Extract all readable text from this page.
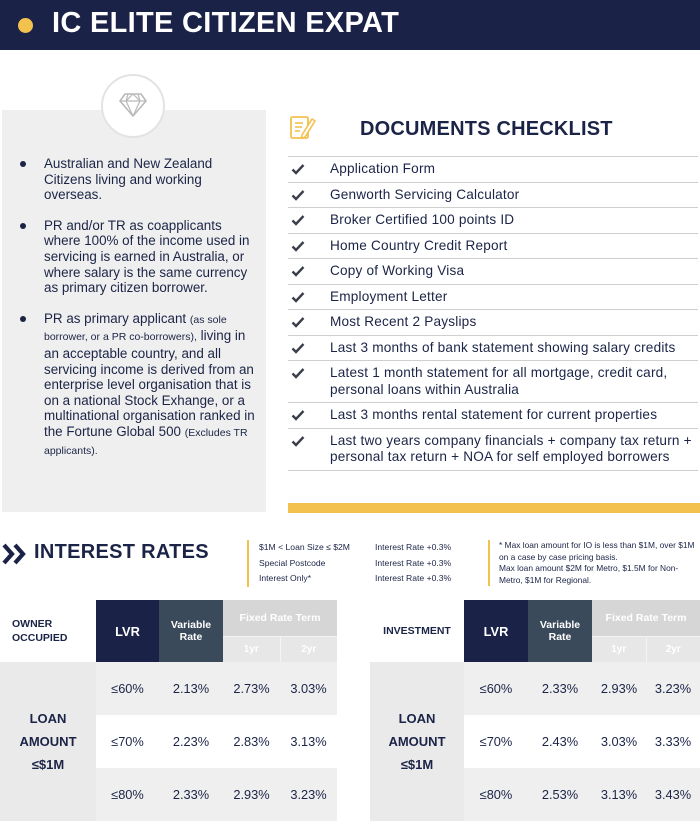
IC ELITE CITIZEN EXPAT
Australian and New Zealand Citizens living and working overseas.
PR and/or TR as coapplicants where 100% of the income used in servicing is earned in Australia, or where salary is the same currency as primary citizen borrower.
PR as primary applicant (as sole borrower, or a PR co-borrowers), living in an acceptable country, and all servicing income is derived from an enterprise level organisation that is on a national Stock Exhange, or a multinational organisation ranked in the Fortune Global 500 (Excludes TR applicants).
DOCUMENTS CHECKLIST
Application Form
Genworth Servicing Calculator
Broker Certified 100 points ID
Home Country Credit Report
Copy of Working Visa
Employment Letter
Most Recent 2 Payslips
Last 3 months of bank statement showing salary credits
Latest 1 month statement for all mortgage, credit card, personal loans within Australia
Last 3 months rental statement for current properties
Last two years company financials + company tax return + personal tax return + NOA for self employed borrowers
INTEREST RATES	$1M < Loan Size ≤ $2M	Interest Rate +0.3%
Special Postcode	Interest Rate +0.3%
Interest Only*	Interest Rate +0.3%
* Max loan amount for IO is less than $1M, over $1M on a case by case pricing basis.
Max loan amount $2M for Metro, $1.5M for Non-Metro, $1M for Regional.
OWNER OCCUPIED	LVR	Variable Rate	Fixed Rate Term	
			1yr	2yr

LOAN AMOUNT ≤$1M	≤60%	2.13%	2.73%	3.03%
	≤70%	2.23%	2.83%	3.13%
	≤80%	2.33%	2.93%	3.23%
INVESTMENT	LVR	Variable Rate	Fixed Rate Term	
			1yr	2yr

LOAN AMOUNT ≤$1M	≤60%	2.33%	2.93%	3.23%
	≤70%	2.43%	3.03%	3.33%
	≤80%	2.53%	3.13%	3.43%
